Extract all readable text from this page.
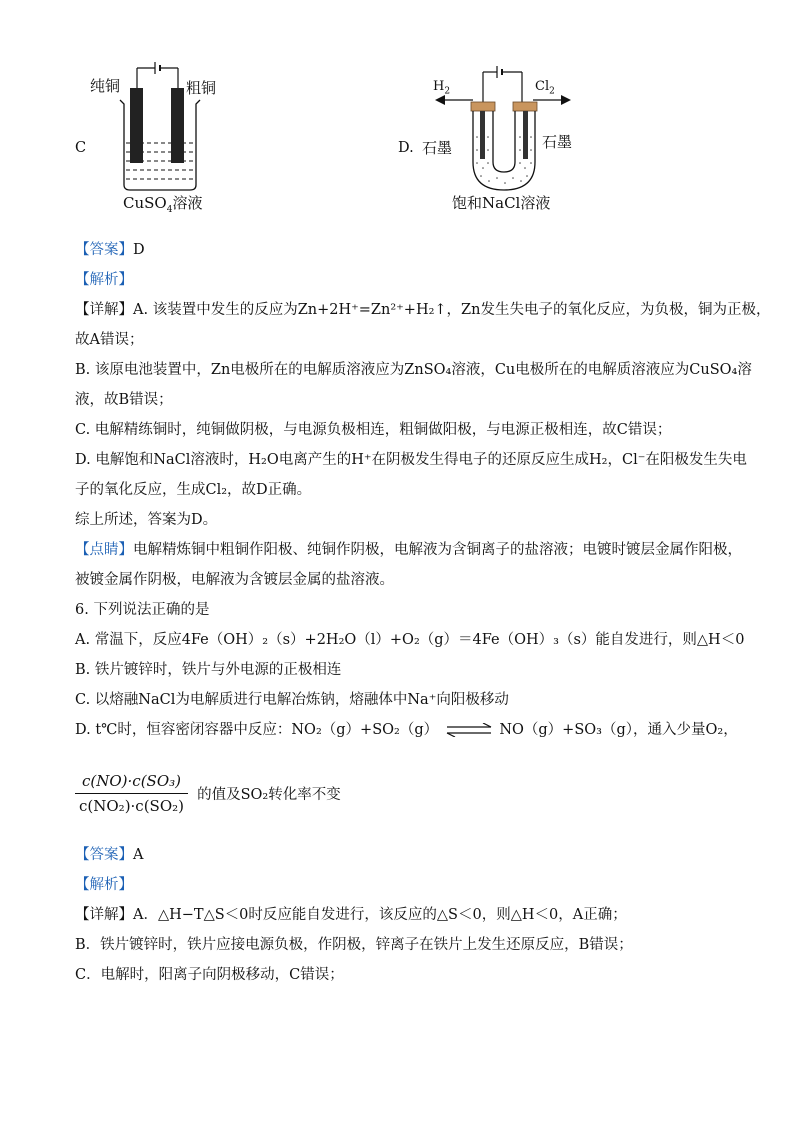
C
纯铜	粗铜
CuSO$_4$溶液
D.
$H_2$	$Cl_2$
石墨	石墨
饱和NaCl溶液
【答案】D
【解析】
【详解】A. 该装置中发生的反应为Zn+2H⁺=Zn²⁺+H₂↑，Zn发生失电子的氧化反应，为负极，铜为正极，
故A错误；
B. 该原电池装置中，Zn电极所在的电解质溶液应为ZnSO₄溶液，Cu电极所在的电解质溶液应为CuSO₄溶
液，故B错误；
C. 电解精练铜时，纯铜做阴极，与电源负极相连，粗铜做阳极，与电源正极相连，故C错误；
D. 电解饱和NaCl溶液时，H₂O电离产生的H⁺在阴极发生得电子的还原反应生成H₂，Cl⁻在阳极发生失电
子的氧化反应，生成Cl₂，故D正确。
综上所述，答案为D。
【点睛】电解精炼铜中粗铜作阳极、纯铜作阴极，电解液为含铜离子的盐溶液；电镀时镀层金属作阳极，
被镀金属作阴极，电解液为含镀层金属的盐溶液。
6. 下列说法正确的是
A. 常温下，反应4Fe（OH）₂（s）+2H₂O（l）+O₂（g）＝4Fe（OH）₃（s）能自发进行，则△H＜0
B. 铁片镀锌时，铁片与外电源的正极相连
C. 以熔融NaCl为电解质进行电解冶炼钠，熔融体中Na⁺向阳极移动
D. t℃时，恒容密闭容器中反应：NO₂（g）+SO₂（g） ⇌ NO（g）+SO₃（g），通入少量O₂，
$\frac{\text{c(NO)·c(SO₃)}}{\text{c(NO₂)·c(SO₂)}}$ 的值及SO₂转化率不变
【答案】A
【解析】
【详解】A．△H−T△S＜0时反应能自发进行，该反应的△S＜0，则△H＜0，A正确；
B．铁片镀锌时，铁片应接电源负极，作阴极，锌离子在铁片上发生还原反应，B错误；
C．电解时，阳离子向阴极移动，C错误；
